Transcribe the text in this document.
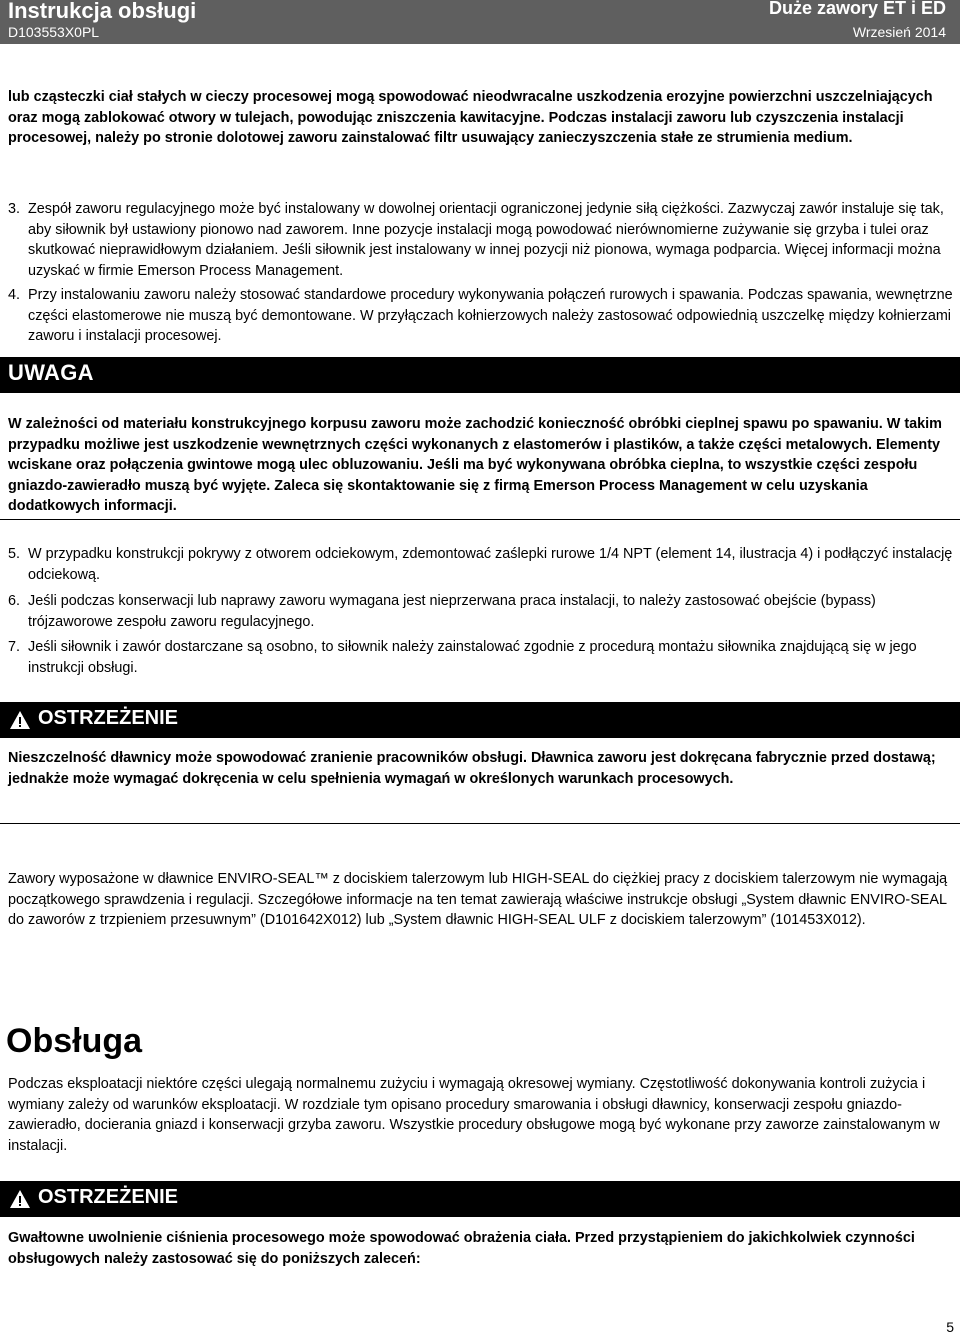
Instrukcja obsługi	Duże zawory ET i ED
D103553X0PL	Wrzesień 2014
lub cząsteczki ciał stałych w cieczy procesowej mogą spowodować nieodwracalne uszkodzenia erozyjne powierzchni uszczelniających oraz mogą zablokować otwory w tulejach, powodując zniszczenia kawitacyjne. Podczas instalacji zaworu lub czyszczenia instalacji procesowej, należy po stronie dolotowej zaworu zainstalować filtr usuwający zanieczyszczenia stałe ze strumienia medium.
3. Zespół zaworu regulacyjnego może być instalowany w dowolnej orientacji ograniczonej jedynie siłą ciężkości. Zazwyczaj zawór instaluje się tak, aby siłownik był ustawiony pionowo nad zaworem. Inne pozycje instalacji mogą powodować nierównomierne zużywanie się grzyba i tulei oraz skutkować nieprawidłowym działaniem. Jeśli siłownik jest instalowany w innej pozycji niż pionowa, wymaga podparcia. Więcej informacji można uzyskać w firmie Emerson Process Management.
4. Przy instalowaniu zaworu należy stosować standardowe procedury wykonywania połączeń rurowych i spawania. Podczas spawania, wewnętrzne części elastomerowe nie muszą być demontowane. W przyłączach kołnierzowych należy zastosować odpowiednią uszczelkę między kołnierzami zaworu i instalacji procesowej.
UWAGA
W zależności od materiału konstrukcyjnego korpusu zaworu może zachodzić konieczność obróbki cieplnej spawu po spawaniu. W takim przypadku możliwe jest uszkodzenie wewnętrznych części wykonanych z elastomerów i plastików, a także części metalowych. Elementy wciskane oraz połączenia gwintowe mogą ulec obluzowaniu. Jeśli ma być wykonywana obróbka cieplna, to wszystkie części zespołu gniazdo-zawieradło muszą być wyjęte. Zaleca się skontaktowanie się z firmą Emerson Process Management w celu uzyskania dodatkowych informacji.
5. W przypadku konstrukcji pokrywy z otworem odciekowym, zdemontować zaślepki rurowe 1/4 NPT (element 14, ilustracja 4) i podłączyć instalację odciekową.
6. Jeśli podczas konserwacji lub naprawy zaworu wymagana jest nieprzerwana praca instalacji, to należy zastosować obejście (bypass) trójzaworowe zespołu zaworu regulacyjnego.
7. Jeśli siłownik i zawór dostarczane są osobno, to siłownik należy zainstalować zgodnie z procedurą montażu siłownika znajdującą się w jego instrukcji obsługi.
OSTRZEŻENIE
Nieszczelność dławnicy może spowodować zranienie pracowników obsługi. Dławnica zaworu jest dokręcana fabrycznie przed dostawą; jednakże może wymagać dokręcenia w celu spełnienia wymagań w określonych warunkach procesowych.
Zawory wyposażone w dławnice ENVIRO-SEAL™ z dociskiem talerzowym lub HIGH-SEAL do ciężkiej pracy z dociskiem talerzowym nie wymagają początkowego sprawdzenia i regulacji. Szczegółowe informacje na ten temat zawierają właściwe instrukcje obsługi „System dławnic ENVIRO-SEAL do zaworów z trzpieniem przesuwnym” (D101642X012) lub „System dławnic HIGH-SEAL ULF z dociskiem talerzowym” (101453X012).
Obsługa
Podczas eksploatacji niektóre części ulegają normalnemu zużyciu i wymagają okresowej wymiany. Częstotliwość dokonywania kontroli zużycia i wymiany zależy od warunków eksploatacji. W rozdziale tym opisano procedury smarowania i obsługi dławnicy, konserwacji zespołu gniazdo-zawieradło, docierania gniazd i konserwacji grzyba zaworu. Wszystkie procedury obsługowe mogą być wykonane przy zaworze zainstalowanym w instalacji.
OSTRZEŻENIE
Gwałtowne uwolnienie ciśnienia procesowego może spowodować obrażenia ciała. Przed przystąpieniem do jakichkolwiek czynności obsługowych należy zastosować się do poniższych zaleceń:
5
